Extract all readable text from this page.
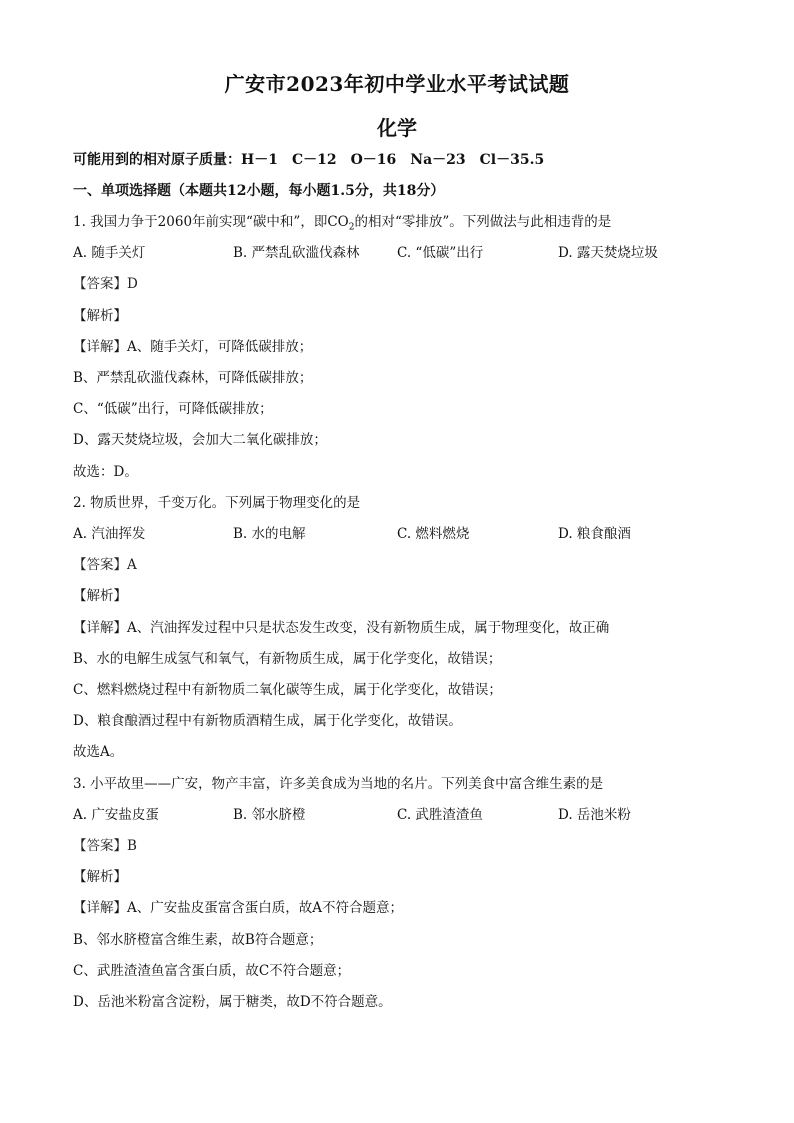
广安市2023年初中学业水平考试试题
化学
可能用到的相对原子质量：H－1　C－12　O－16　Na－23　Cl－35.5
一、单项选择题（本题共12小题，每小题1.5分，共18分）
1. 我国力争于2060年前实现“碳中和”，即$CO_2$的相对“零排放”。下列做法与此相违背的是
A. 随手关灯	B. 严禁乱砍滥伐森林	C. “低碳”出行	D. 露天焚烧垃圾
【答案】D
【解析】
【详解】A、随手关灯，可降低碳排放；
B、严禁乱砍滥伐森林，可降低碳排放；
C、“低碳”出行，可降低碳排放；
D、露天焚烧垃圾，会加大二氧化碳排放；
故选：D。
2. 物质世界，千变万化。下列属于物理变化的是
A. 汽油挥发	B. 水的电解	C. 燃料燃烧	D. 粮食酿酒
【答案】A
【解析】
【详解】A、汽油挥发过程中只是状态发生改变，没有新物质生成，属于物理变化，故正确
B、水的电解生成氢气和氧气，有新物质生成，属于化学变化，故错误；
C、燃料燃烧过程中有新物质二氧化碳等生成，属于化学变化，故错误；
D、粮食酿酒过程中有新物质酒精生成，属于化学变化，故错误。
故选A。
3. 小平故里——广安，物产丰富，许多美食成为当地的名片。下列美食中富含维生素的是
A. 广安盐皮蛋	B. 邻水脐橙	C. 武胜渣渣鱼	D. 岳池米粉
【答案】B
【解析】
【详解】A、广安盐皮蛋富含蛋白质，故A不符合题意；
B、邻水脐橙富含维生素，故B符合题意；
C、武胜渣渣鱼富含蛋白质，故C不符合题意；
D、岳池米粉富含淀粉，属于糖类，故D不符合题意。
